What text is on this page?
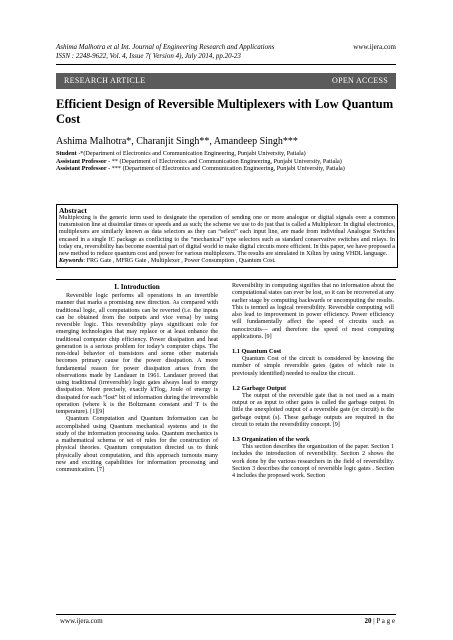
Ashima Malhotra et al Int. Journal of Engineering Research and Applications
ISSN : 2248-9622, Vol. 4, Issue 7( Version 4), July 2014, pp.20-23
www.ijera.com
RESEARCH ARTICLE	OPEN ACCESS
Efficient Design of Reversible Multiplexers with Low Quantum Cost
Ashima Malhotra*, Charanjit Singh**, Amandeep Singh***
Student -*(Department of Electronics and Communication Engineering, Punjabi University, Patiala)
Assistant Professor - ** (Department of Electronics and Communication Engineering, Punjabi University, Patiala)
Assistant Professor - *** (Department of Electronics and Communication Engineering, Punjabi University, Patiala)
Abstract
Multiplexing is the generic term used to designate the operation of sending one or more analogue or digital signals over a common transmission line at dissimilar times or speeds and as such; the scheme we use to do just that is called a Multiplexer. In digital electronics, multiplexers are similarly known as data selectors as they can “select” each input line, are made from individual Analogue Switches encased in a single IC package as conflicting to the “mechanical” type selectors such as standard conservative switches and relays. In today era, reversibility has become essential part of digital world to make digital circuits more efficient. In this paper, we have proposed a new method to reduce quantum cost and power for various multiplexers. The results are simulated in Xilinx by using VHDL language.
Keywords: FRG Gate , MFRG Gate , Multiplexer , Power Consumption , Quantum Cost.
I. Introduction

Reversible logic performs all operations in an invertible manner that marks a promising new direction. As compared with traditional logic, all computations can be reverted (i.e. the inputs can be obtained from the outputs and vice versa) by using reversible logic. This reversibility plays significant role for emerging technologies that may replace or at least enhance the traditional computer chip efficiency. Power dissipation and heat generation is a serious problem for today’s computer chips. The non-ideal behavior of transistors and some other materials becomes primary cause for the power dissipation. A more fundamental reason for power dissipation arises from the observations made by Landauer in 1961. Landauer proved that using traditional (irreversible) logic gates always lead to energy dissipation. More precisely, exactly kTlog₂ Joule of energy is dissipated for each “lost” bit of information during the irreversible operation (where k is the Boltzmann constant and T is the temperature). [1][9]

Quantum Computation and Quantum Information can be accomplished using Quantum mechanical systems and is the study of the information processing tasks. Quantum mechanics is a mathematical schema or set of rules for the construction of physical theories. Quantum computation directed us to think physically about computation, and this approach turnouts many new and exciting capabilities for information processing and communication. [7]

Reversibility in computing signifies that no information about the computational states can ever be lost, so it can be recovered at any earlier stage by computing backwards or uncomputing the results. This is termed as logical reversibility. Reversible computing will also lead to improvement in power efficiency. Power efficiency will fundamentally affect the speed of circuits such as nanocircuits— and therefore the speed of most computing applications. [9]

1.1 Quantum Cost

Quantum Cost of the circuit is considered by knowing the number of simple reversible gates (gates of which rate is previously identified) needed to realize the circuit.

1.2 Garbage Output

The output of the reversible gate that is not used as a main output or as input to other gates is called the garbage output. In little the unexploited output of a reversible gate (or circuit) is the garbage output (s). These garbage outputs are required in the circuit to retain the reversibility concept. [9]

1.3 Organization of the work

This section describes the organization of the paper. Section 1 includes the introduction of reversibility. Section 2 shows the work done by the various researchers in the field of reversibility. Section 3 describes the concept of reversible logic gates . Section 4 includes the proposed work. Section

www.ijera.com	20 | P a g e
